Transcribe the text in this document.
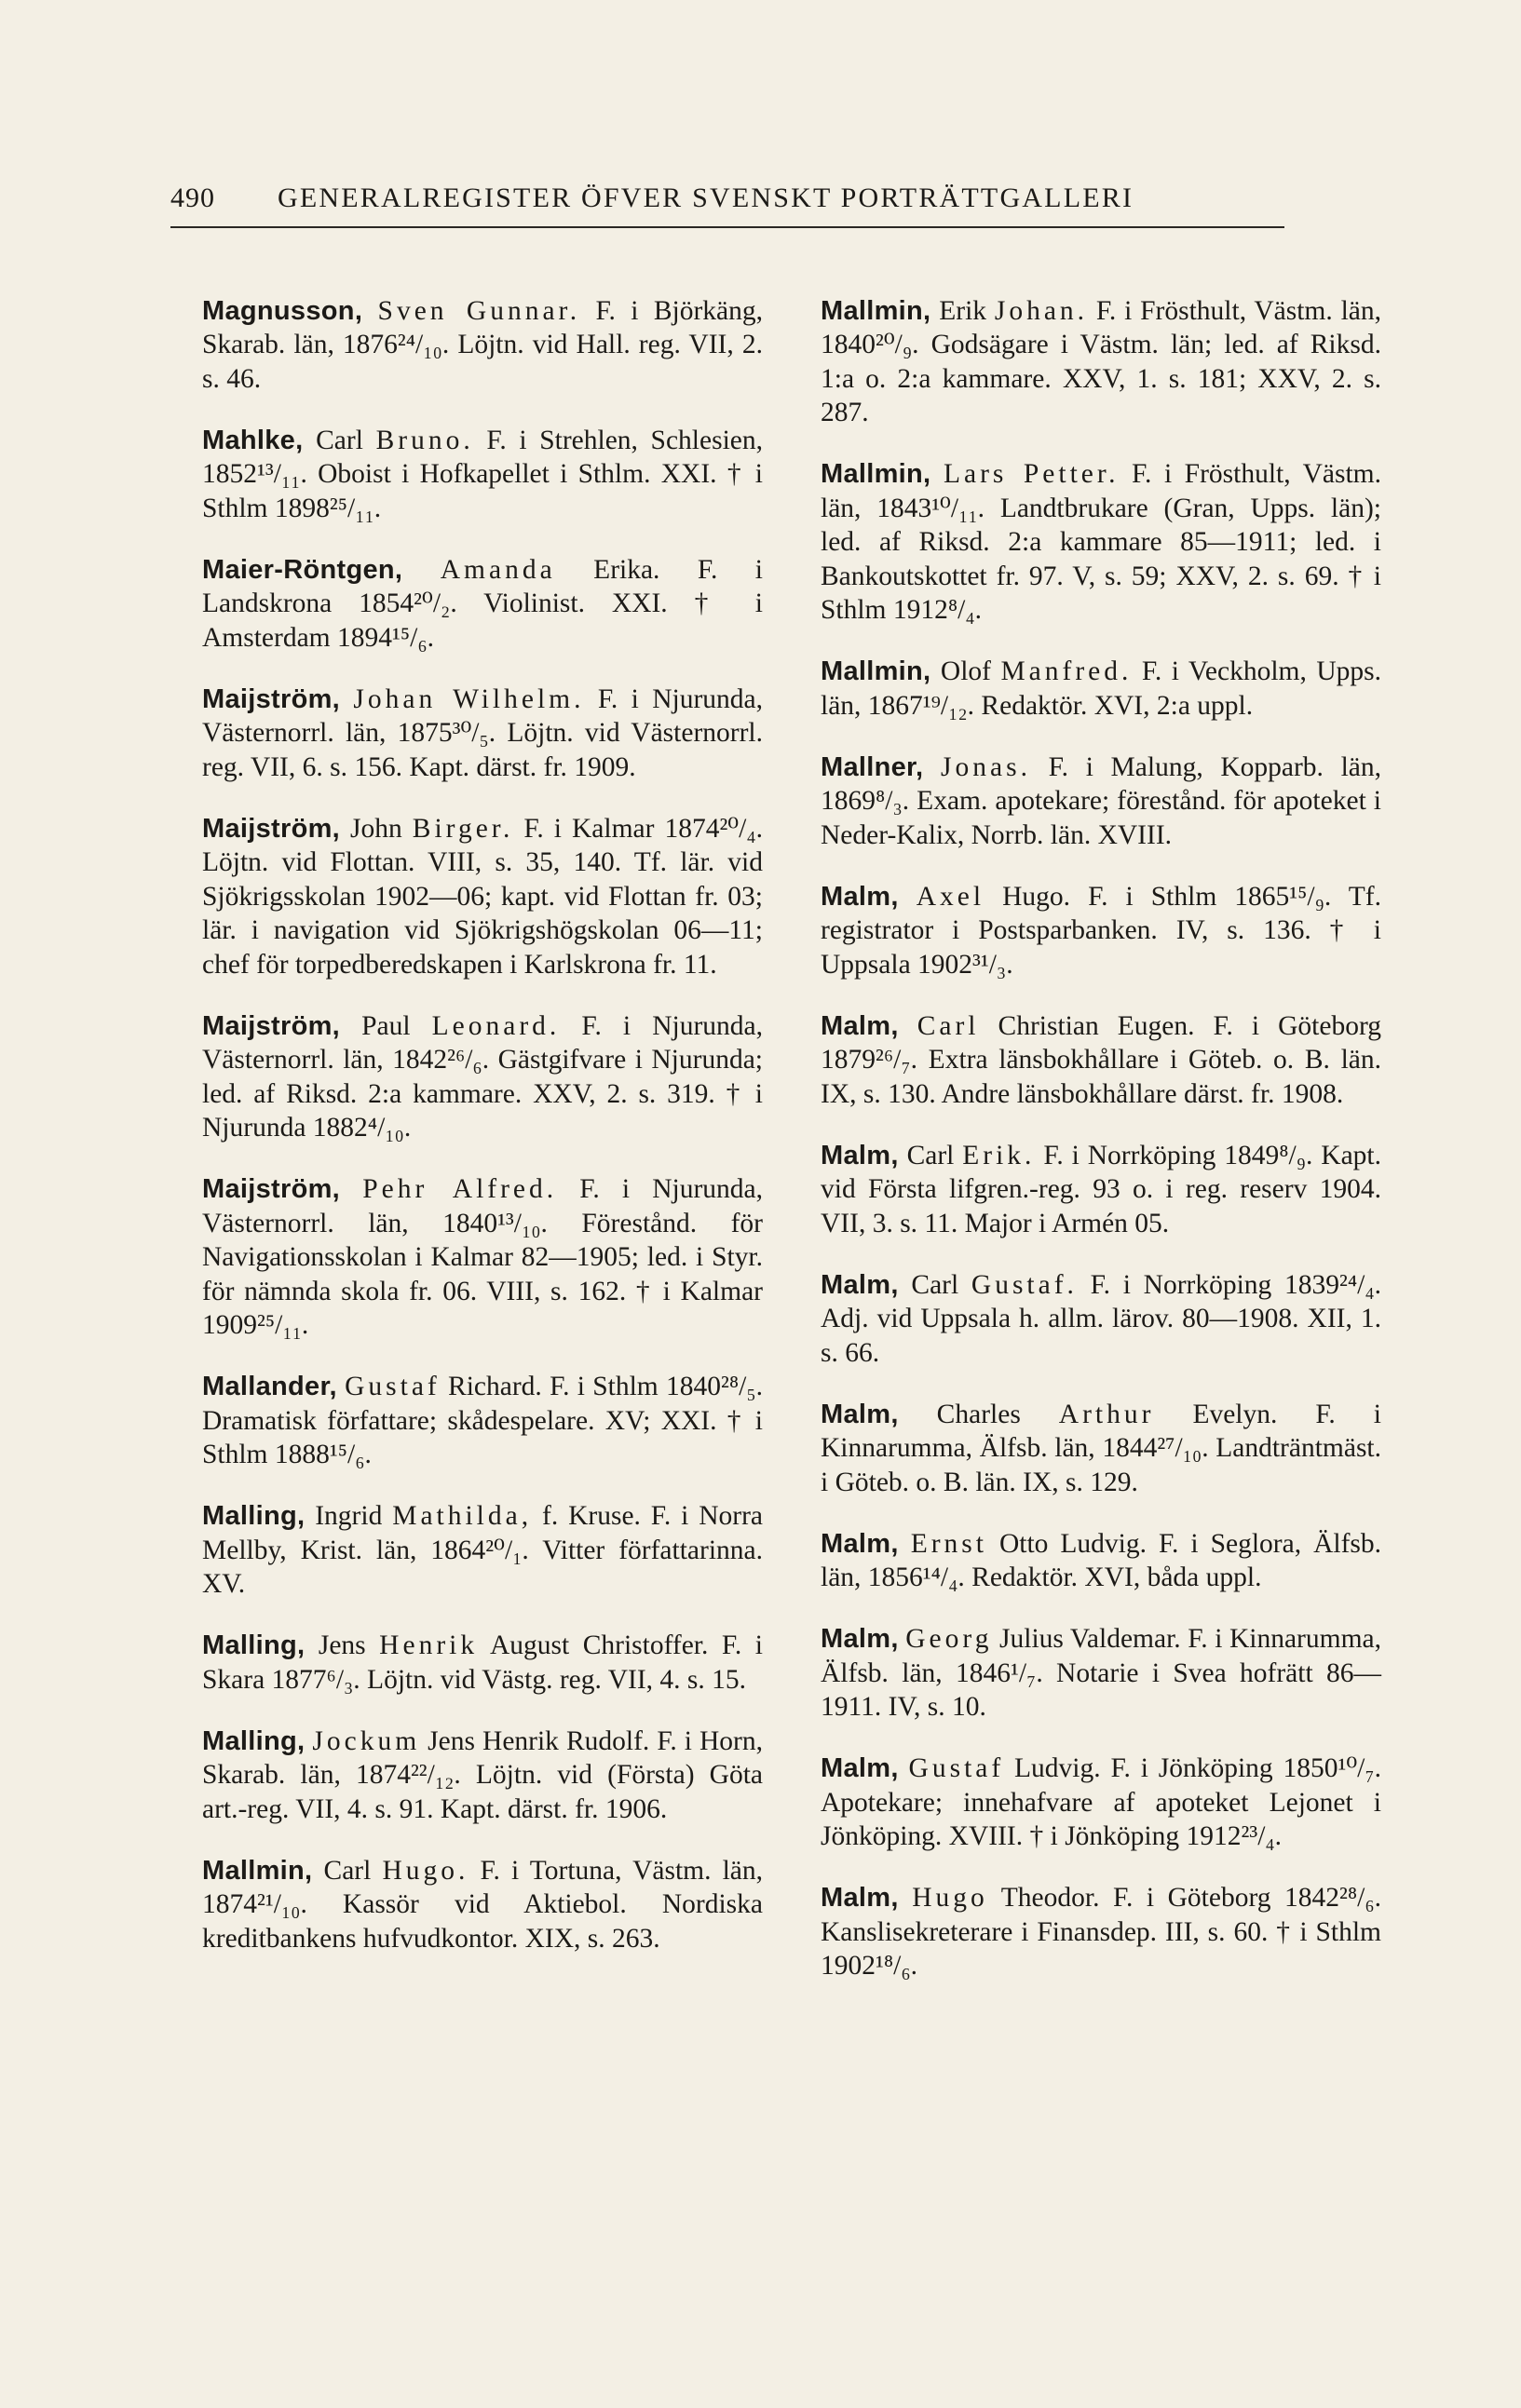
490	GENERALREGISTER ÖFVER SVENSKT PORTRÄTTGALLERI

Magnusson, Sven Gunnar. F. i Björkäng, Skarab. län, 1876²⁴/₁₀. Löjtn. vid Hall. reg. VII, 2. s. 46.

Mahlke, Carl Bruno. F. i Strehlen, Schlesien, 1852¹³/₁₁. Oboist i Hofkapellet i Sthlm. XXI. † i Sthlm 1898²⁵/₁₁.

Maier-Röntgen, Amanda Erika. F. i Landskrona 1854²⁰/₂. Violinist. XXI. † i Amsterdam 1894¹⁵/₆.

Maijström, Johan Wilhelm. F. i Njurunda, Västernorrl. län, 1875³⁰/₅. Löjtn. vid Västernorrl. reg. VII, 6. s. 156. Kapt. därst. fr. 1909.

Maijström, John Birger. F. i Kalmar 1874²⁰/₄. Löjtn. vid Flottan. VIII, s. 35, 140. Tf. lär. vid Sjökrigsskolan 1902—06; kapt. vid Flottan fr. 03; lär. i navigation vid Sjökrigshögskolan 06—11; chef för torpedberedskapen i Karlskrona fr. 11.

Maijström, Paul Leonard. F. i Njurunda, Västernorrl. län, 1842²⁶/₆. Gästgifvare i Njurunda; led. af Riksd. 2:a kammare. XXV, 2. s. 319. † i Njurunda 1882⁴/₁₀.

Maijström, Pehr Alfred. F. i Njurunda, Västernorrl. län, 1840¹³/₁₀. Förestånd. för Navigationsskolan i Kalmar 82—1905; led. i Styr. för nämnda skola fr. 06. VIII, s. 162. † i Kalmar 1909²⁵/₁₁.

Mallander, Gustaf Richard. F. i Sthlm 1840²⁸/₅. Dramatisk författare; skådespelare. XV; XXI. † i Sthlm 1888¹⁵/₆.

Malling, Ingrid Mathilda, f. Kruse. F. i Norra Mellby, Krist. län, 1864²⁰/₁. Vitter författarinna. XV.

Malling, Jens Henrik August Christoffer. F. i Skara 1877⁶/₃. Löjtn. vid Västg. reg. VII, 4. s. 15.

Malling, Jockum Jens Henrik Rudolf. F. i Horn, Skarab. län, 1874²²/₁₂. Löjtn. vid (Första) Göta art.-reg. VII, 4. s. 91. Kapt. därst. fr. 1906.

Mallmin, Carl Hugo. F. i Tortuna, Västm. län, 1874²¹/₁₀. Kassör vid Aktiebol. Nordiska kreditbankens hufvudkontor. XIX, s. 263.

Mallmin, Erik Johan. F. i Frösthult, Västm. län, 1840²⁰/₉. Godsägare i Västm. län; led. af Riksd. 1:a o. 2:a kammare. XXV, 1. s. 181; XXV, 2. s. 287.

Mallmin, Lars Petter. F. i Frösthult, Västm. län, 1843¹⁰/₁₁. Landtbrukare (Gran, Upps. län); led. af Riksd. 2:a kammare 85—1911; led. i Bankoutskottet fr. 97. V, s. 59; XXV, 2. s. 69. † i Sthlm 1912⁸/₄.

Mallmin, Olof Manfred. F. i Veckholm, Upps. län, 1867¹⁹/₁₂. Redaktör. XVI, 2:a uppl.

Mallner, Jonas. F. i Malung, Kopparb. län, 1869⁸/₃. Exam. apotekare; förestånd. för apoteket i Neder-Kalix, Norrb. län. XVIII.

Malm, Axel Hugo. F. i Sthlm 1865¹⁵/₉. Tf. registrator i Postsparbanken. IV, s. 136. † i Uppsala 1902³¹/₃.

Malm, Carl Christian Eugen. F. i Göteborg 1879²⁶/₇. Extra länsbokhållare i Göteb. o. B. län. IX, s. 130. Andre länsbokhållare därst. fr. 1908.

Malm, Carl Erik. F. i Norrköping 1849⁸/₉. Kapt. vid Första lifgren.-reg. 93 o. i reg. reserv 1904. VII, 3. s. 11. Major i Armén 05.

Malm, Carl Gustaf. F. i Norrköping 1839²⁴/₄. Adj. vid Uppsala h. allm. lärov. 80—1908. XII, 1. s. 66.

Malm, Charles Arthur Evelyn. F. i Kinnarumma, Älfsb. län, 1844²⁷/₁₀. Landträntmäst. i Göteb. o. B. län. IX, s. 129.

Malm, Ernst Otto Ludvig. F. i Seglora, Älfsb. län, 1856¹⁴/₄. Redaktör. XVI, båda uppl.

Malm, Georg Julius Valdemar. F. i Kinnarumma, Älfsb. län, 1846¹/₇. Notarie i Svea hofrätt 86—1911. IV, s. 10.

Malm, Gustaf Ludvig. F. i Jönköping 1850¹⁰/₇. Apotekare; innehafvare af apoteket Lejonet i Jönköping. XVIII. † i Jönköping 1912²³/₄.

Malm, Hugo Theodor. F. i Göteborg 1842²⁸/₆. Kanslisekreterare i Finansdep. III, s. 60. † i Sthlm 1902¹⁸/₆.
